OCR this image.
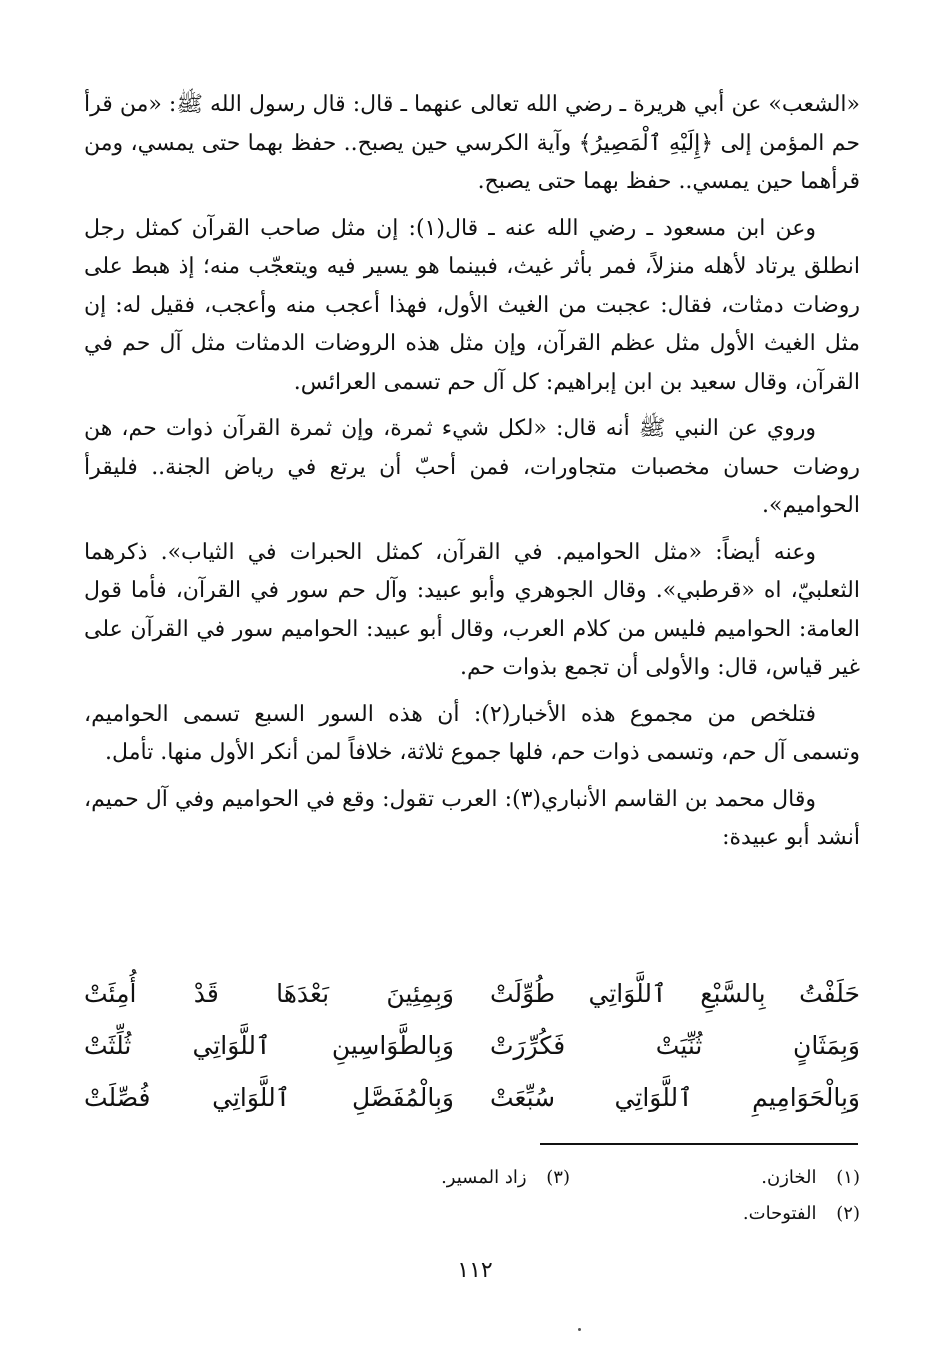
«الشعب» عن أبي هريرة ـ رضي الله تعالى عنهما ـ قال: قال رسول الله ﷺ: «من قرأ حم المؤمن إلى ﴿إِلَيْهِ ٱلْمَصِيرُ﴾ وآية الكرسي حين يصبح.. حفظ بهما حتى يمسي، ومن قرأهما حين يمسي.. حفظ بهما حتى يصبح.

وعن ابن مسعود ـ رضي الله عنه ـ قال(١): إن مثل صاحب القرآن كمثل رجل انطلق يرتاد لأهله منزلاً، فمر بأثر غيث، فبينما هو يسير فيه ويتعجّب منه؛ إذ هبط على روضات دمثات، فقال: عجبت من الغيث الأول، فهذا أعجب منه وأعجب، فقيل له: إن مثل الغيث الأول مثل عظم القرآن، وإن مثل هذه الروضات الدمثات مثل آل حم في القرآن، وقال سعيد بن ابن إبراهيم: كل آل حم تسمى العرائس.

وروي عن النبي ﷺ أنه قال: «لكل شيء ثمرة، وإن ثمرة القرآن ذوات حم، هن روضات حسان مخصبات متجاورات، فمن أحبّ أن يرتع في رياض الجنة.. فليقرأ الحواميم».

وعنه أيضاً: «مثل الحواميم. في القرآن، كمثل الحبرات في الثياب». ذكرهما الثعلبيّ، اه «قرطبي». وقال الجوهري وأبو عبيد: وآل حم سور في القرآن، فأما قول العامة: الحواميم فليس من كلام العرب، وقال أبو عبيد: الحواميم سور في القرآن على غير قياس، قال: والأولى أن تجمع بذوات حم.

فتلخص من مجموع هذه الأخبار(٢): أن هذه السور السبع تسمى الحواميم، وتسمى آل حم، وتسمى ذوات حم، فلها جموع ثلاثة، خلافاً لمن أنكر الأول منها. تأمل.

وقال محمد بن القاسم الأنباري(٣): العرب تقول: وقع في الحواميم وفي آل حميم، أنشد أبو عبيدة:

حَلَفْتُ بِالسَّبْعِ ٱللَّوَاتِي طُوِّلَتْ
وَبِمِئِينَ بَعْدَهَا قَدْ أُمِئَتْ
وَبِمَثَانٍ ثُنِّيَتْ فَكُرِّرَتْ
وَبِالطَّوَاسِينِ ٱللَّوَاتِي ثُلِّثَتْ
وَبِالْحَوَامِيمِ ٱللَّوَاتِي سُبِّعَتْ
وَبِالْمُفَصَّلِ ٱللَّوَاتِي فُصِّلَتْ
(١) الخازن.
(٣) زاد المسير.
(٢) الفتوحات.
١١٢
